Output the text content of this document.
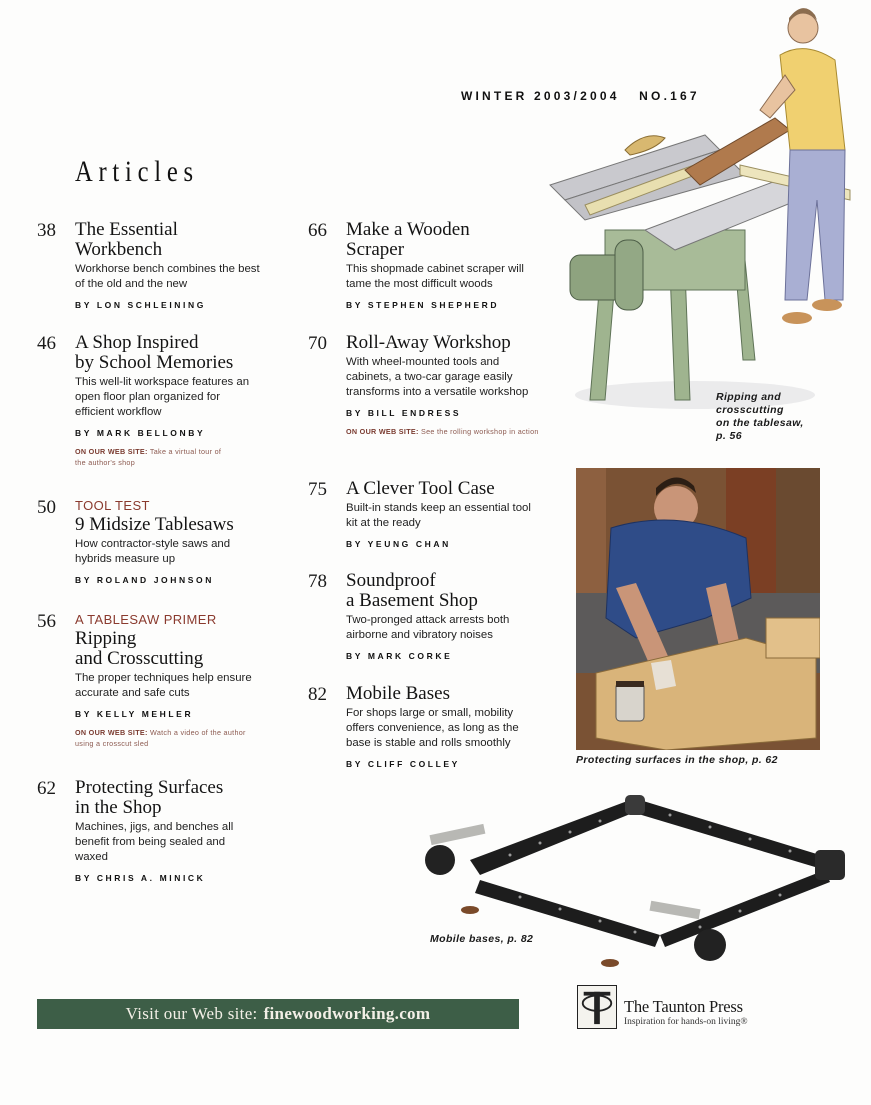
WINTER 2003/2004   NO.167
Articles
38 The Essential
Workbench
Workhorse bench combines the best of the old and the new
BY LON SCHLEINING
46 A Shop Inspired
by School Memories
This well-lit workspace features an open floor plan organized for efficient workflow
BY MARK BELLONBY
ON OUR WEB SITE: Take a virtual tour of the author's shop
50 TOOL TEST
9 Midsize Tablesaws
How contractor-style saws and hybrids measure up
BY ROLAND JOHNSON
56 A TABLESAW PRIMER
Ripping
and Crosscutting
The proper techniques help ensure accurate and safe cuts
BY KELLY MEHLER
ON OUR WEB SITE: Watch a video of the author using a crosscut sled
62 Protecting Surfaces
in the Shop
Machines, jigs, and benches all benefit from being sealed and waxed
BY CHRIS A. MINICK
66 Make a Wooden
Scraper
This shopmade cabinet scraper will tame the most difficult woods
BY STEPHEN SHEPHERD
70 Roll-Away Workshop
With wheel-mounted tools and cabinets, a two-car garage easily transforms into a versatile workshop
BY BILL ENDRESS
ON OUR WEB SITE: See the rolling workshop in action
75 A Clever Tool Case
Built-in stands keep an essential tool kit at the ready
BY YEUNG CHAN
78 Soundproof
a Basement Shop
Two-pronged attack arrests both airborne and vibratory noises
BY MARK CORKE
82 Mobile Bases
For shops large or small, mobility offers convenience, as long as the base is stable and rolls smoothly
BY CLIFF COLLEY
Ripping and
crosscutting
on the tablesaw,
p. 56
Protecting surfaces in the shop, p. 62
Mobile bases, p. 82
Visit our Web site: finewoodworking.com	The Taunton Press
Inspiration for hands-on living®
